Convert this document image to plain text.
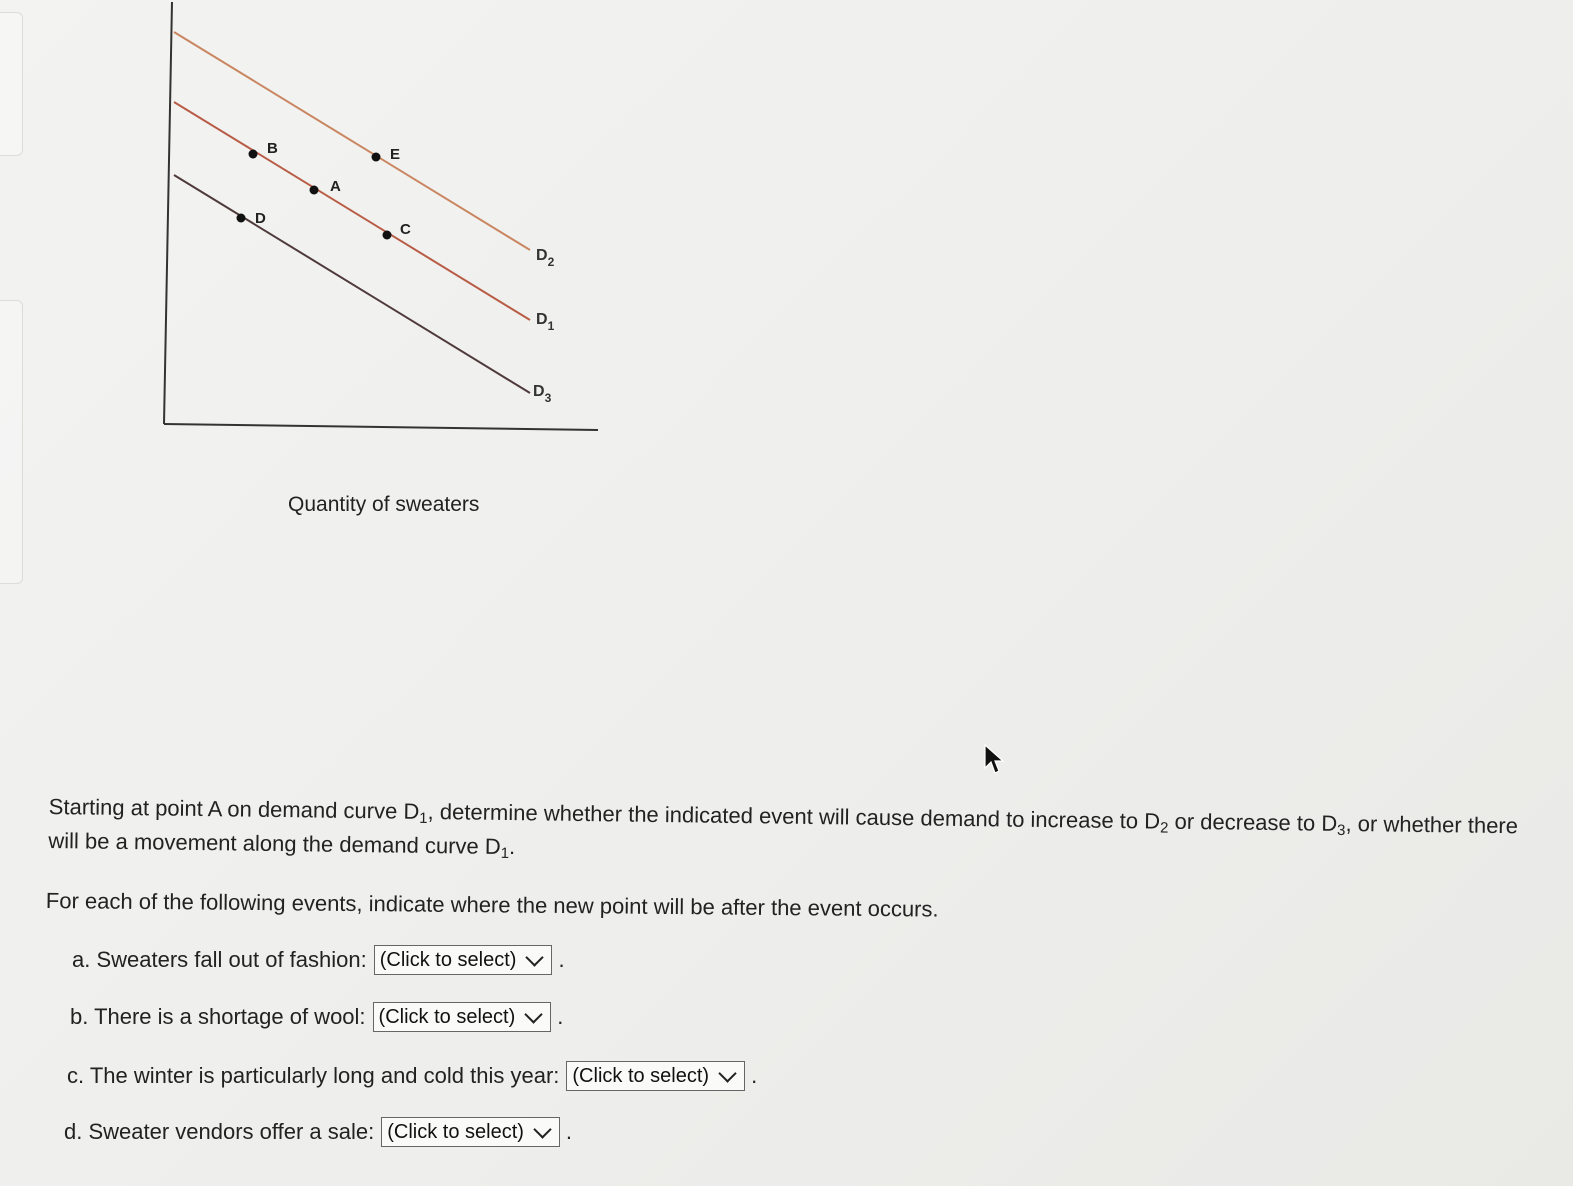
$D_2$
$D_1$
$D_3$
B
A
E
D
C
Quantity of sweaters
Starting at point A on demand curve $D_1$, determine whether the indicated event will cause demand to increase to $D_2$ or decrease to $D_3$, or whether there will be a movement along the demand curve $D_1$.
For each of the following events, indicate where the new point will be after the event occurs.
a. Sweaters fall out of fashion: (Click to select) .
b. There is a shortage of wool: (Click to select) .
c. The winter is particularly long and cold this year: (Click to select) .
d. Sweater vendors offer a sale: (Click to select) .
